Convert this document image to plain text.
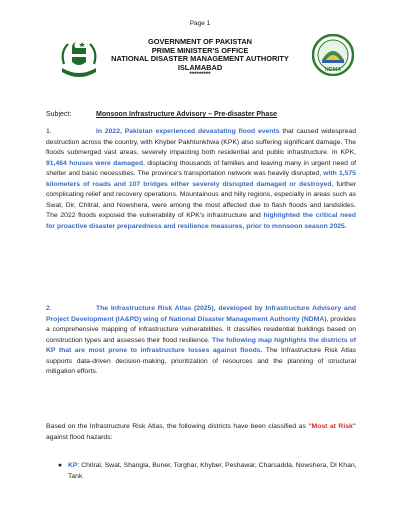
Page 1
GOVERNMENT OF PAKISTAN
PRIME MINISTER'S OFFICE
NATIONAL DISASTER MANAGEMENT AUTHORITY
ISLAMABAD
*********
NDMA
Subject:	Monsoon Infrastructure Advisory – Pre-disaster Phase
1.	In 2022, Pakistan experienced devastating flood events that caused widespread destruction across the country, with Khyber Pakhtunkhwa (KPK) also suffering significant damage. The floods submerged vast areas, severely impacting both residential and public infrastructure. In KPK, 91,464 houses were damaged, displacing thousands of families and leaving many in urgent need of shelter and basic necessities. The province's transportation network was heavily disrupted, with 1,575 kilometers of roads and 107 bridges either severely disrupted damaged or destroyed, further complicating relief and recovery operations. Mountainous and hilly regions, especially in areas such as Swat, Dir, Chitral, and Nowshera, were among the most affected due to flash floods and landslides. The 2022 floods exposed the vulnerability of KPK's infrastructure and highlighted the critical need for proactive disaster preparedness and resilience measures, prior to monsoon season 2025.
2.	The Infrastructure Risk Atlas (2025), developed by Infrastructure Advisory and Project Development (IA&PD) wing of National Disaster Management Authority (NDMA), provides a comprehensive mapping of infrastructure vulnerabilities. It classifies residential buildings based on construction types and assesses their flood resilience. The following map highlights the districts of KP that are most prone to infrastructure losses against floods. The Infrastructure Risk Atlas supports data-driven decision-making, prioritization of resources and the planning of structural mitigation efforts.
Based on the Infrastructure Risk Atlas, the following districts have been classified as "Most at Risk" against flood hazards:
● KP: Chitral, Swat, Shangla, Buner, Torghar, Khyber, Peshawar, Charsadda, Nowshera, DI Khan, Tank
